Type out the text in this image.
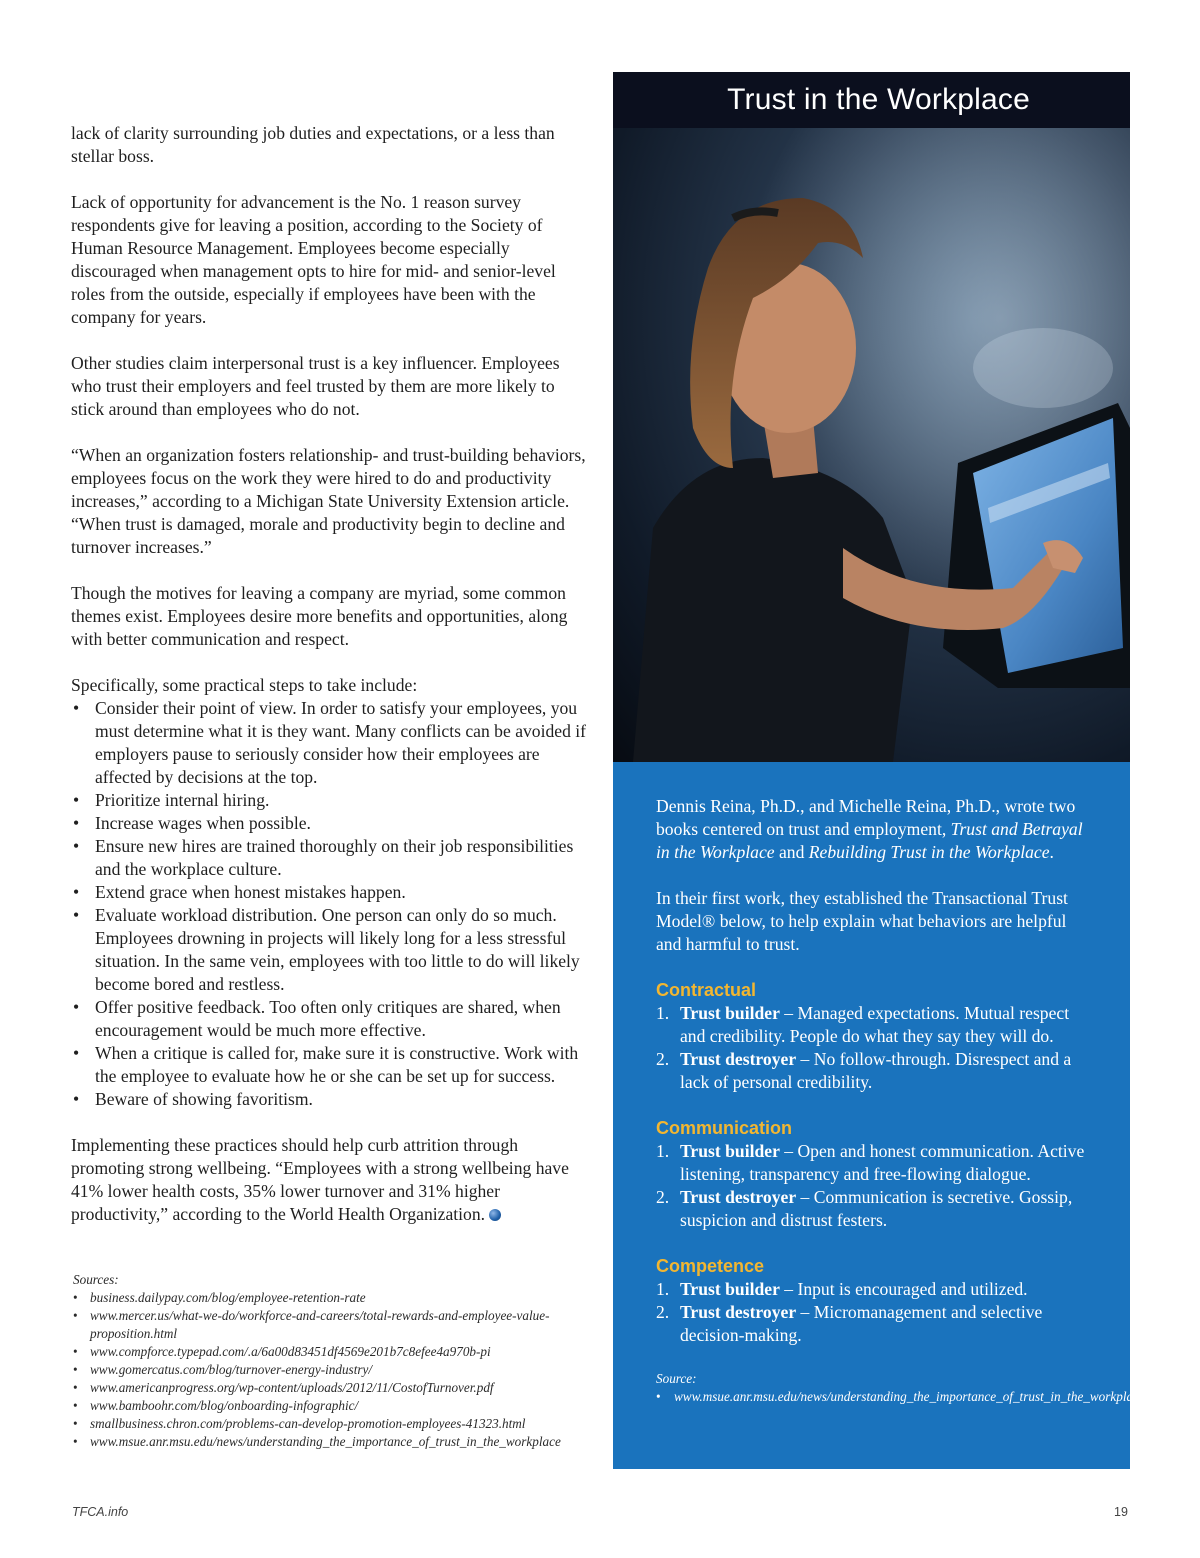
lack of clarity surrounding job duties and expectations, or a less than stellar boss.

Lack of opportunity for advancement is the No. 1 reason survey respondents give for leaving a position, according to the Society of Human Resource Management. Employees become especially discouraged when management opts to hire for mid- and senior-level roles from the outside, especially if employees have been with the company for years.

Other studies claim interpersonal trust is a key influencer. Employees who trust their employers and feel trusted by them are more likely to stick around than employees who do not.

“When an organization fosters relationship- and trust-building behaviors, employees focus on the work they were hired to do and productivity increases,” according to a Michigan State University Extension article. “When trust is damaged, morale and productivity begin to decline and turnover increases.”

Though the motives for leaving a company are myriad, some common themes exist. Employees desire more benefits and opportunities, along with better communication and respect.

Specifically, some practical steps to take include:

• Consider their point of view. In order to satisfy your employees, you must determine what it is they want. Many conflicts can be avoided if employers pause to seriously consider how their employees are affected by decisions at the top.
• Prioritize internal hiring.
• Increase wages when possible.
• Ensure new hires are trained thoroughly on their job responsibilities and the workplace culture.
• Extend grace when honest mistakes happen.
• Evaluate workload distribution. One person can only do so much. Employees drowning in projects will likely long for a less stressful situation. In the same vein, employees with too little to do will likely become bored and restless.
• Offer positive feedback. Too often only critiques are shared, when encouragement would be much more effective.
• When a critique is called for, make sure it is constructive. Work with the employee to evaluate how he or she can be set up for success.
• Beware of showing favoritism.

Implementing these practices should help curb attrition through promoting strong wellbeing. “Employees with a strong wellbeing have 41% lower health costs, 35% lower turnover and 31% higher productivity,” according to the World Health Organization.

Sources:

• business.dailypay.com/blog/employee-retention-rate
• www.mercer.us/what-we-do/workforce-and-careers/total-rewards-and-employee-value-proposition.html
• www.compforce.typepad.com/.a/6a00d83451df4569e201b7c8efee4a970b-pi
• www.gomercatus.com/blog/turnover-energy-industry/
• www.americanprogress.org/wp-content/uploads/2012/11/CostofTurnover.pdf
• www.bamboohr.com/blog/onboarding-infographic/
• smallbusiness.chron.com/problems-can-develop-promotion-employees-41323.html
• www.msue.anr.msu.edu/news/understanding_the_importance_of_trust_in_the_workplace
Trust in the Workplace

Dennis Reina, Ph.D., and Michelle Reina, Ph.D., wrote two books centered on trust and employment, Trust and Betrayal in the Workplace and Rebuilding Trust in the Workplace.

In their first work, they established the Transactional Trust Model® below, to help explain what behaviors are helpful and harmful to trust.

Contractual

1. Trust builder – Managed expectations. Mutual respect and credibility. People do what they say they will do.
2. Trust destroyer – No follow-through. Disrespect and a lack of personal credibility.

Communication

1. Trust builder – Open and honest communication. Active listening, transparency and free-flowing dialogue.
2. Trust destroyer – Communication is secretive. Gossip, suspicion and distrust festers.

Competence

1. Trust builder – Input is encouraged and utilized.
2. Trust destroyer – Micromanagement and selective decision-making.

Source:

• www.msue.anr.msu.edu/news/understanding_the_importance_of_trust_in_the_workplace
TFCA.info	19
